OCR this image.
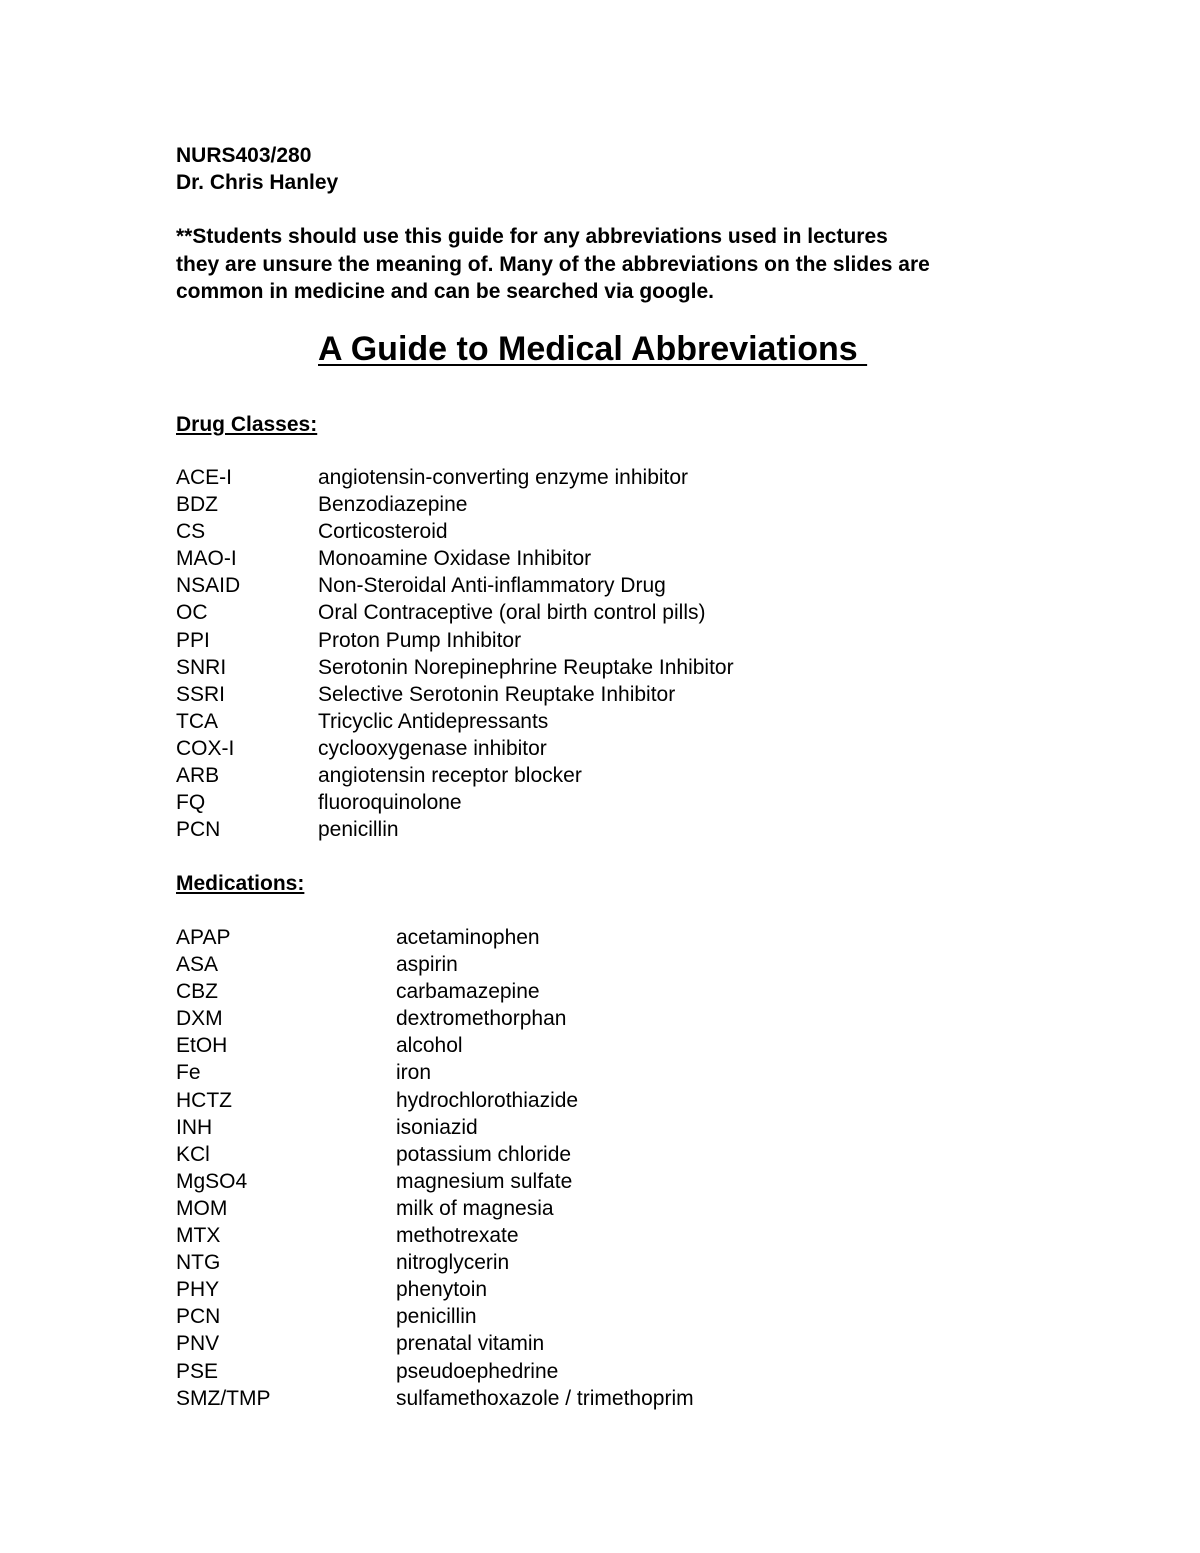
NURS403/280
Dr. Chris Hanley

**Students should use this guide for any abbreviations used in lectures

they are unsure the meaning of. Many of the abbreviations on the slides are

common in medicine and can be searched via google.

A Guide to Medical Abbreviations
Drug Classes:
ACE-I	angiotensin-converting enzyme inhibitor
BDZ	Benzodiazepine
CS	Corticosteroid
MAO-I	Monoamine Oxidase Inhibitor
NSAID	Non-Steroidal Anti-inflammatory Drug
OC	Oral Contraceptive (oral birth control pills)
PPI	Proton Pump Inhibitor
SNRI	Serotonin Norepinephrine Reuptake Inhibitor
SSRI	Selective Serotonin Reuptake Inhibitor
TCA	Tricyclic Antidepressants
COX-I	cyclooxygenase inhibitor
ARB	angiotensin receptor blocker
FQ	fluoroquinolone
PCN	penicillin
Medications:
APAP	acetaminophen
ASA	aspirin
CBZ	carbamazepine
DXM	dextromethorphan
EtOH	alcohol
Fe	iron
HCTZ	hydrochlorothiazide
INH	isoniazid
KCl	potassium chloride
MgSO4	magnesium sulfate
MOM	milk of magnesia
MTX	methotrexate
NTG	nitroglycerin
PHY	phenytoin
PCN	penicillin
PNV	prenatal vitamin
PSE	pseudoephedrine
SMZ/TMP	sulfamethoxazole / trimethoprim
